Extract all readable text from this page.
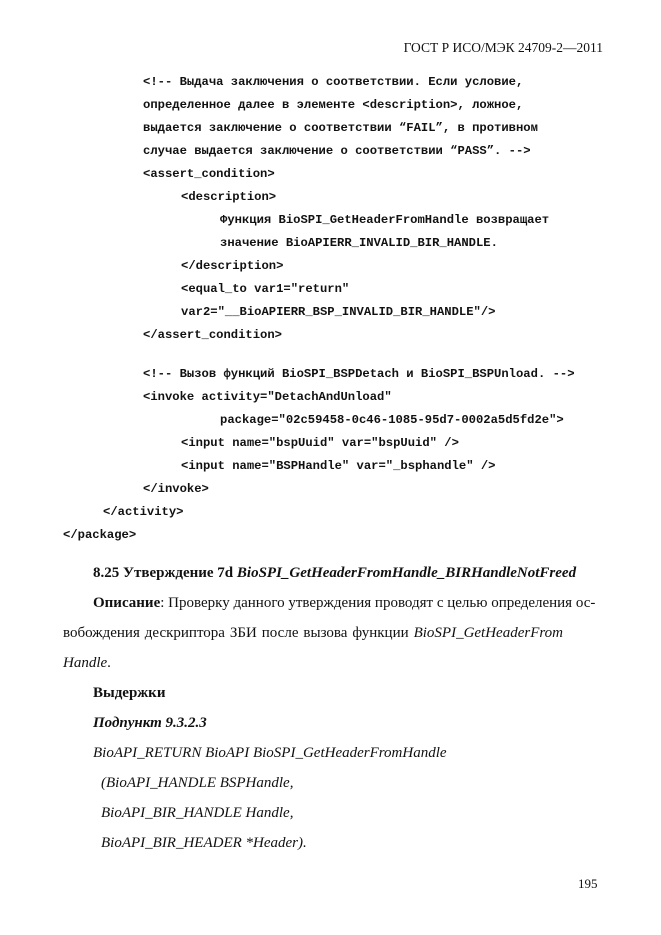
ГОСТ Р ИСО/МЭК 24709-2—2011

<!-- Выдача заключения о соответствии. Если условие,

определенное далее в элементе <description>, ложное,

выдается заключение о соответствии “FAIL”, в противном

случае выдается заключение о соответствии “PASS”. -->

<assert_condition>

<description>

Функция BioSPI_GetHeaderFromHandle возвращает

значение BioAPIERR_INVALID_BIR_HANDLE.

</description>

<equal_to var1="return"

var2="__BioAPIERR_BSP_INVALID_BIR_HANDLE"/>

</assert_condition>

<!-- Вызов функций BioSPI_BSPDetach и BioSPI_BSPUnload. -->

<invoke activity="DetachAndUnload"

package="02c59458-0c46-1085-95d7-0002a5d5fd2e">

<input name="bspUuid" var="bspUuid" />

<input name="BSPHandle" var="_bsphandle" />

</invoke>

</activity>

</package>

8.25 Утверждение 7d BioSPI_GetHeaderFromHandle_BIRHandleNotFreed
Описание: Проверку данного утверждения проводят с целью определения ос-
вобождения дескриптора ЗБИ после вызова функции BioSPI_GetHeaderFrom
Handle.
Выдержки
Подпункт 9.3.2.3
BioAPI_RETURN BioAPI BioSPI_GetHeaderFromHandle
(BioAPI_HANDLE BSPHandle,
BioAPI_BIR_HANDLE Handle,
BioAPI_BIR_HEADER *Header).
195
